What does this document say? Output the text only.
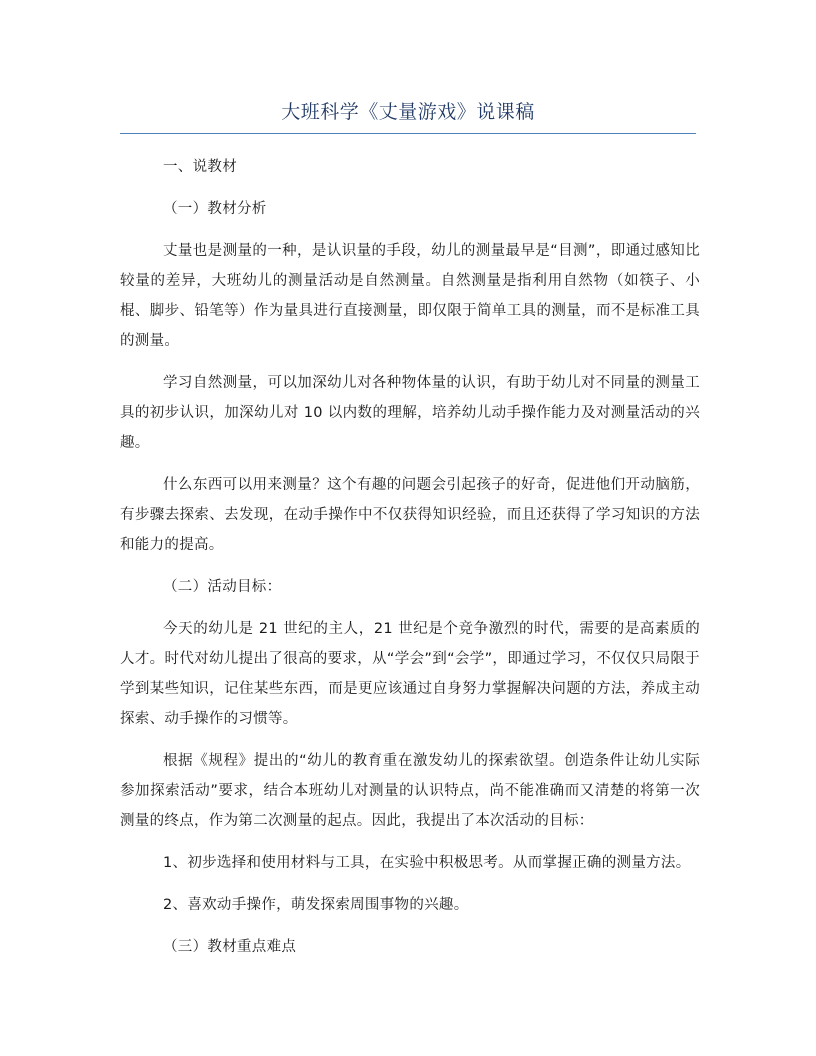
大班科学《丈量游戏》说课稿

一、说教材

（一）教材分析

丈量也是测量的一种，是认识量的手段，幼儿的测量最早是“目测”，即通过感知比较量的差异，大班幼儿的测量活动是自然测量。自然测量是指利用自然物（如筷子、小棍、脚步、铅笔等）作为量具进行直接测量，即仅限于简单工具的测量，而不是标准工具的测量。

学习自然测量，可以加深幼儿对各种物体量的认识，有助于幼儿对不同量的测量工具的初步认识，加深幼儿对 10 以内数的理解，培养幼儿动手操作能力及对测量活动的兴趣。

什么东西可以用来测量？这个有趣的问题会引起孩子的好奇，促进他们开动脑筋，有步骤去探索、去发现，在动手操作中不仅获得知识经验，而且还获得了学习知识的方法和能力的提高。

（二）活动目标：

今天的幼儿是 21 世纪的主人，21 世纪是个竞争激烈的时代，需要的是高素质的人才。时代对幼儿提出了很高的要求，从“学会”到“会学”，即通过学习，不仅仅只局限于学到某些知识，记住某些东西，而是更应该通过自身努力掌握解决问题的方法，养成主动探索、动手操作的习惯等。

根据《规程》提出的“幼儿的教育重在激发幼儿的探索欲望。创造条件让幼儿实际参加探索活动”要求，结合本班幼儿对测量的认识特点，尚不能准确而又清楚的将第一次测量的终点，作为第二次测量的起点。因此，我提出了本次活动的目标：

1、初步选择和使用材料与工具，在实验中积极思考。从而掌握正确的测量方法。

2、喜欢动手操作，萌发探索周围事物的兴趣。

（三）教材重点难点
